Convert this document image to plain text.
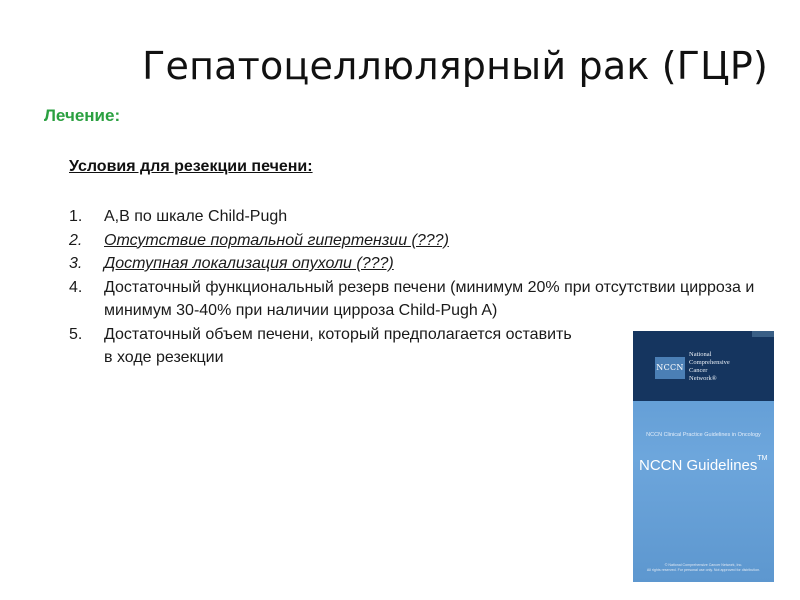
Гепатоцеллюлярный рак (ГЦР)
Лечение:
Условия для резекции печени:
1. A,B по шкале Child-Pugh
2. Отсутствие портальной гипертензии (???)
3. Доступная локализация опухоли (???)
4. Достаточный функциональный резерв печени (минимум 20% при отсутствии цирроза и минимум 30-40% при наличии цирроза Child-Pugh A)
5. Достаточный объем печени, который предполагается оставить в ходе резекции
NCCN
National
Comprehensive
Cancer
Network®
NCCN Clinical Practice Guidelines in Oncology
NCCN Guidelines™
© National Comprehensive Cancer Network, Inc.
All rights reserved. For personal use only. Not approved for distribution.
